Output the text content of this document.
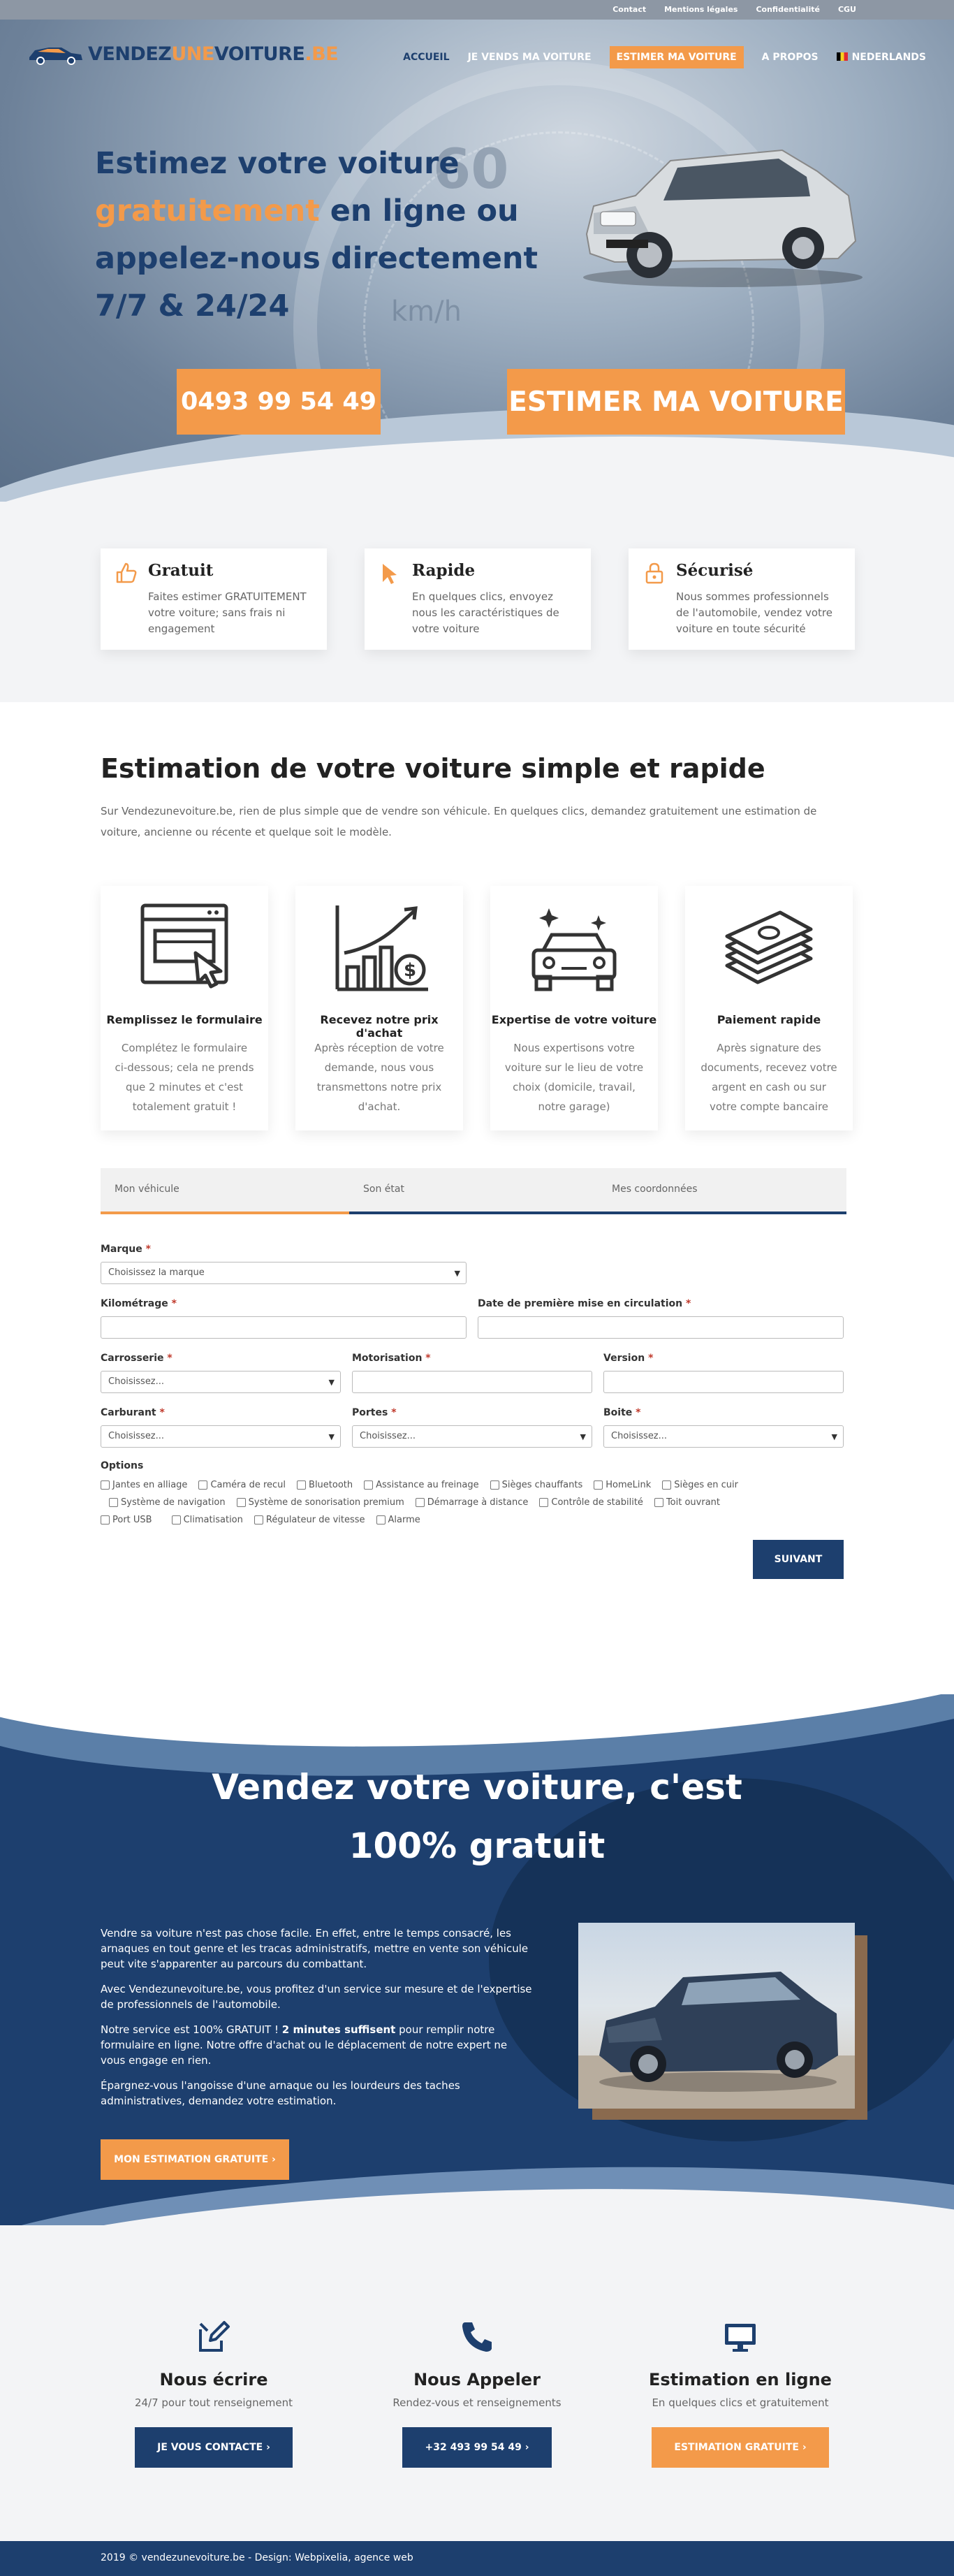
Contact Mentions légales Confidentialité CGU
60
km/h
VENDEZUNEVOITURE.BE	ACCUEIL JE VENDS MA VOITURE	ESTIMER MA VOITURE	A PROPOS	NEDERLANDS
Estimez votre voiture
gratuitement en ligne ou appelez-nous directement 7/7 & 24/24
0493 99 54 49	ESTIMER MA VOITURE
Gratuit

Faites estimer GRATUITEMENT votre voiture; sans frais ni engagement

Rapide

En quelques clics, envoyez nous les caractéristiques de votre voiture

Sécurisé

Nous sommes professionnels de l'automobile, vendez votre voiture en toute sécurité

Estimation de votre voiture simple et rapide

Sur Vendezunevoiture.be, rien de plus simple que de vendre son véhicule. En quelques clics, demandez gratuitement une estimation de voiture, ancienne ou récente et quelque soit le modèle.

Remplissez le formulaire

Complétez le formulaire ci-dessous; cela ne prends que 2 minutes et c'est totalement gratuit !

$
Recevez notre prix d'achat

Après réception de votre demande, nous vous transmettons notre prix d'achat.

Expertise de votre voiture

Nous expertisons votre voiture sur le lieu de votre choix (domicile, travail, notre garage)

Paiement rapide

Après signature des documents, recevez votre argent en cash ou sur votre compte bancaire

Mon véhicule	Son état	Mes coordonnées
Marque *
Choisissez la marque	▼
Kilométrage *	Date de première mise en circulation *
Carrosserie *
Choisissez...	▼
Motorisation *	Version *
Carburant *
Choisissez...	▼
Portes *
Choisissez...	▼
Boite *
Choisissez...	▼
Options
Jantes en alliage	Caméra de recul	Bluetooth	Assistance au freinage	Sièges chauffants	HomeLink	Sièges en cuir
Système de navigation	Système de sonorisation premium	Démarrage à distance	Contrôle de stabilité	Toit ouvrant
Port USB	Climatisation	Régulateur de vitesse	Alarme
SUIVANT
Vendez votre voiture, c'est
100% gratuit

Vendre sa voiture n'est pas chose facile. En effet, entre le temps consacré, les arnaques en tout genre et les tracas administratifs, mettre en vente son véhicule peut vite s'apparenter au parcours du combattant.

Avec Vendezunevoiture.be, vous profitez d'un service sur mesure et de l'expertise de professionnels de l'automobile.

Notre service est 100% GRATUIT ! 2 minutes suffisent pour remplir notre formulaire en ligne. Notre offre d'achat ou le déplacement de notre expert ne vous engage en rien.

Épargnez-vous l'angoisse d'une arnaque ou les lourdeurs des taches administratives, demandez votre estimation.

MON ESTIMATION GRATUITE ›
Nous écrire

24/7 pour tout renseignement

JE VOUS CONTACTE ›
Nous Appeler

Rendez-vous et renseignements

+32 493 99 54 49 ›
Estimation en ligne

En quelques clics et gratuitement

ESTIMATION GRATUITE ›
2019 © vendezunevoiture.be - Design: Webpixelia, agence web
